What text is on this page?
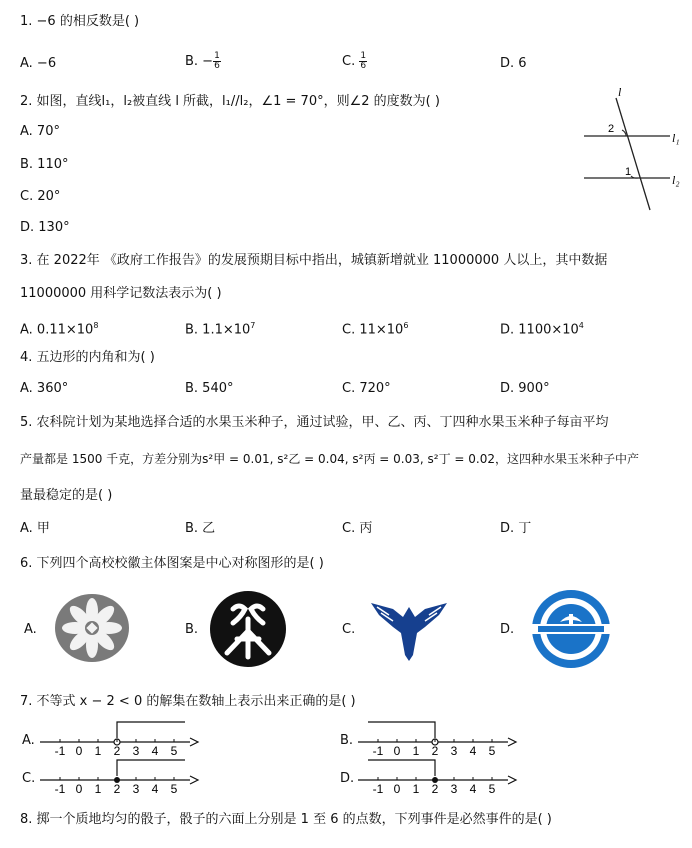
1. −6 的相反数是( )
A. −6	B. − $\frac{1}{6}$	C. $\frac{1}{6}$	D. 6
2. 如图，直线l₁，l₂被直线 l 所截，l₁//l₂，∠1 = 70°，则∠2 的度数为( )
A. 70°
B. 110°
C. 20°
D. 130°
l
l₁
l₂
2
1
3. 在 2022年 《政府工作报告》的发展预期目标中指出，城镇新增就业 11000000 人以上，其中数据
11000000 用科学记数法表示为( )
A. $0.11\times 10^8$	B. $1.1\times 10^7$	C. $11\times 10^6$	D. $1100\times 10^4$
4. 五边形的内角和为( )
A. 360°	B. 540°	C. 720°	D. 900°
5. 农科院计划为某地选择合适的水果玉米种子，通过试验，甲、乙、丙、丁四种水果玉米种子每亩平均
产量都是 1500 千克，方差分别为s²甲 = 0.01, s²乙 = 0.04, s²丙 = 0.03, s²丁 = 0.02，这四种水果玉米种子中产
量最稳定的是( )
A. 甲	B. 乙	C. 丙	D. 丁
6. 下列四个高校校徽主体图案是中心对称图形的是( )
A.	B.	C.	D.
7. 不等式 x − 2 < 0 的解集在数轴上表示出来正确的是( )
A.	B.
C.	D.
-1 0 1 2 3 4 5	-1 0 1 2 3 4 5
-1 0 1 2 3 4 5	-1 0 1 2 3 4 5
8. 掷一个质地均匀的骰子，骰子的六面上分别是 1 至 6 的点数，下列事件是必然事件的是( )
